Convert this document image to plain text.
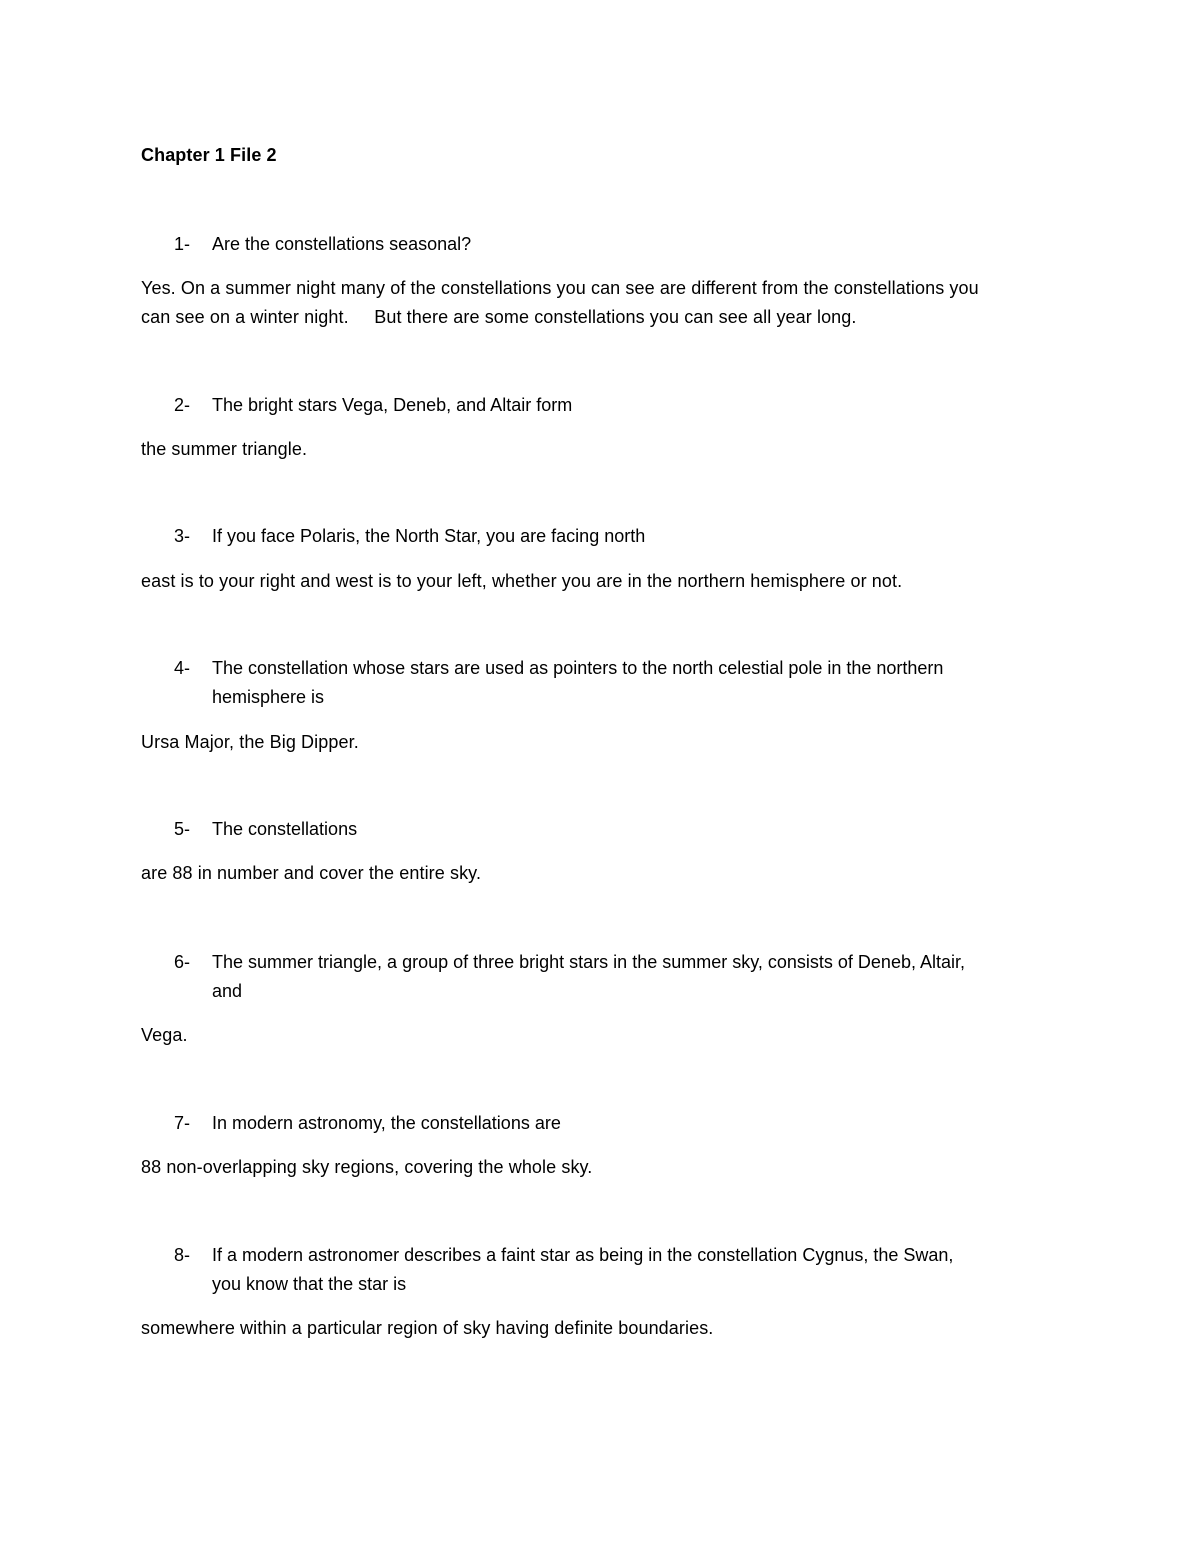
Chapter 1 File 2
1- Are the constellations seasonal?
Yes. On a summer night many of the constellations you can see are different from the constellations you
can see on a winter night.     But there are some constellations you can see all year long.
2- The bright stars Vega, Deneb, and Altair form
the summer triangle.
3- If you face Polaris, the North Star, you are facing north
east is to your right and west is to your left, whether you are in the northern hemisphere or not.
4- The constellation whose stars are used as pointers to the north celestial pole in the northern
hemisphere is
Ursa Major, the Big Dipper.
5- The constellations
are 88 in number and cover the entire sky.
6- The summer triangle, a group of three bright stars in the summer sky, consists of Deneb, Altair,
and
Vega.
7- In modern astronomy, the constellations are
88 non-overlapping sky regions, covering the whole sky.
8- If a modern astronomer describes a faint star as being in the constellation Cygnus, the Swan,
you know that the star is
somewhere within a particular region of sky having definite boundaries.
